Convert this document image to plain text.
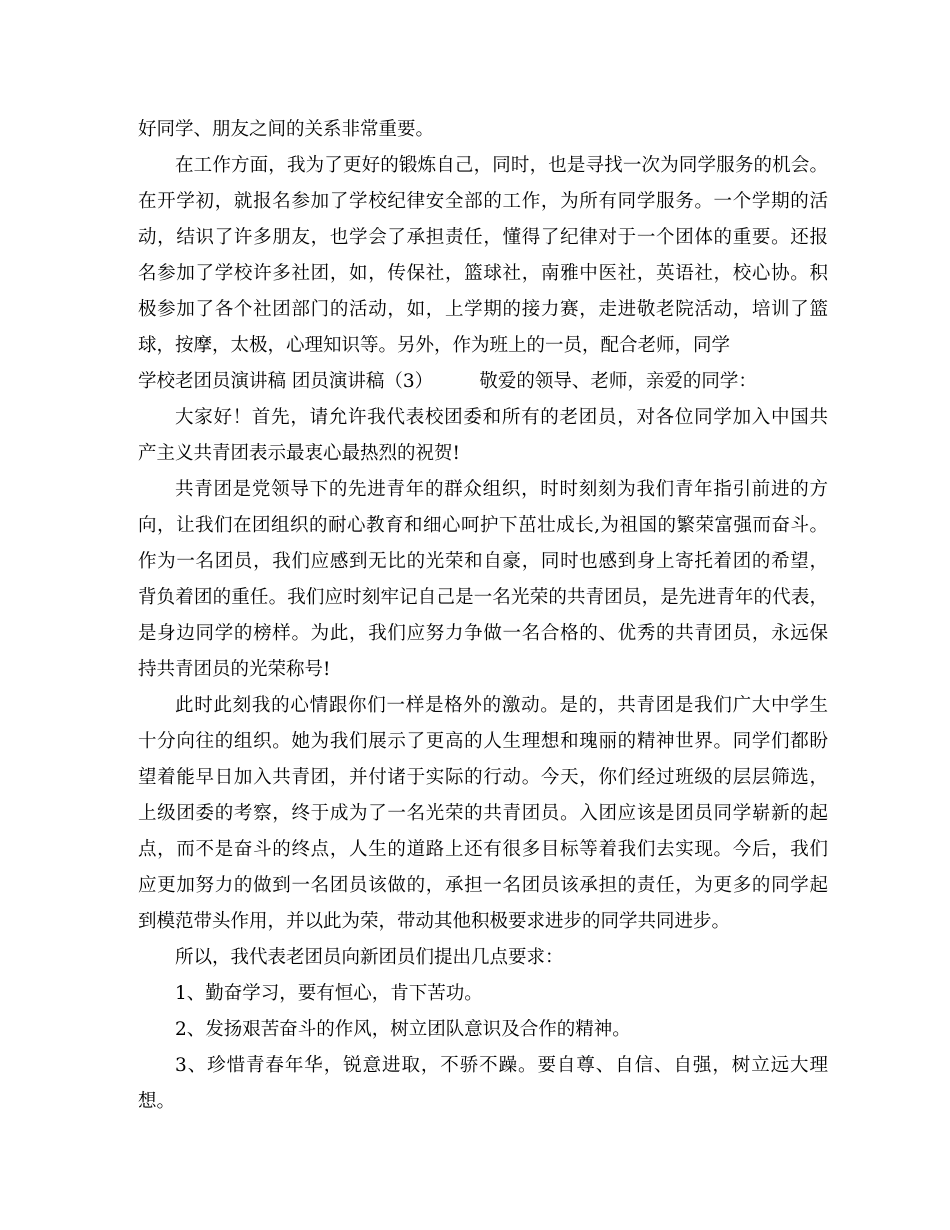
好同学、朋友之间的关系非常重要。
在工作方面，我为了更好的锻炼自己，同时，也是寻找一次为同学服务的机会。
在开学初，就报名参加了学校纪律安全部的工作，为所有同学服务。一个学期的活
动，结识了许多朋友，也学会了承担责任，懂得了纪律对于一个团体的重要。还报
名参加了学校许多社团，如，传保社，篮球社，南雅中医社，英语社，校心协。积
极参加了各个社团部门的活动，如，上学期的接力赛，走进敬老院活动，培训了篮
球，按摩，太极，心理知识等。另外，作为班上的一员，配合老师，同学
学校老团员演讲稿 团员演讲稿（3）　　　敬爱的领导、老师，亲爱的同学：
大家好！首先，请允许我代表校团委和所有的老团员，对各位同学加入中国共
产主义共青团表示最衷心最热烈的祝贺!
共青团是党领导下的先进青年的群众组织，时时刻刻为我们青年指引前进的方
向，让我们在团组织的耐心教育和细心呵护下茁壮成长,为祖国的繁荣富强而奋斗。
作为一名团员，我们应感到无比的光荣和自豪，同时也感到身上寄托着团的希望，
背负着团的重任。我们应时刻牢记自己是一名光荣的共青团员，是先进青年的代表，
是身边同学的榜样。为此，我们应努力争做一名合格的、优秀的共青团员，永远保
持共青团员的光荣称号!
此时此刻我的心情跟你们一样是格外的激动。是的，共青团是我们广大中学生
十分向往的组织。她为我们展示了更高的人生理想和瑰丽的精神世界。同学们都盼
望着能早日加入共青团，并付诸于实际的行动。今天，你们经过班级的层层筛选，
上级团委的考察，终于成为了一名光荣的共青团员。入团应该是团员同学崭新的起
点，而不是奋斗的终点，人生的道路上还有很多目标等着我们去实现。今后，我们
应更加努力的做到一名团员该做的，承担一名团员该承担的责任，为更多的同学起
到模范带头作用，并以此为荣，带动其他积极要求进步的同学共同进步。
所以，我代表老团员向新团员们提出几点要求：
1、勤奋学习，要有恒心，肯下苦功。
2、发扬艰苦奋斗的作风，树立团队意识及合作的精神。
3、珍惜青春年华，锐意进取，不骄不躁。要自尊、自信、自强，树立远大理
想。
